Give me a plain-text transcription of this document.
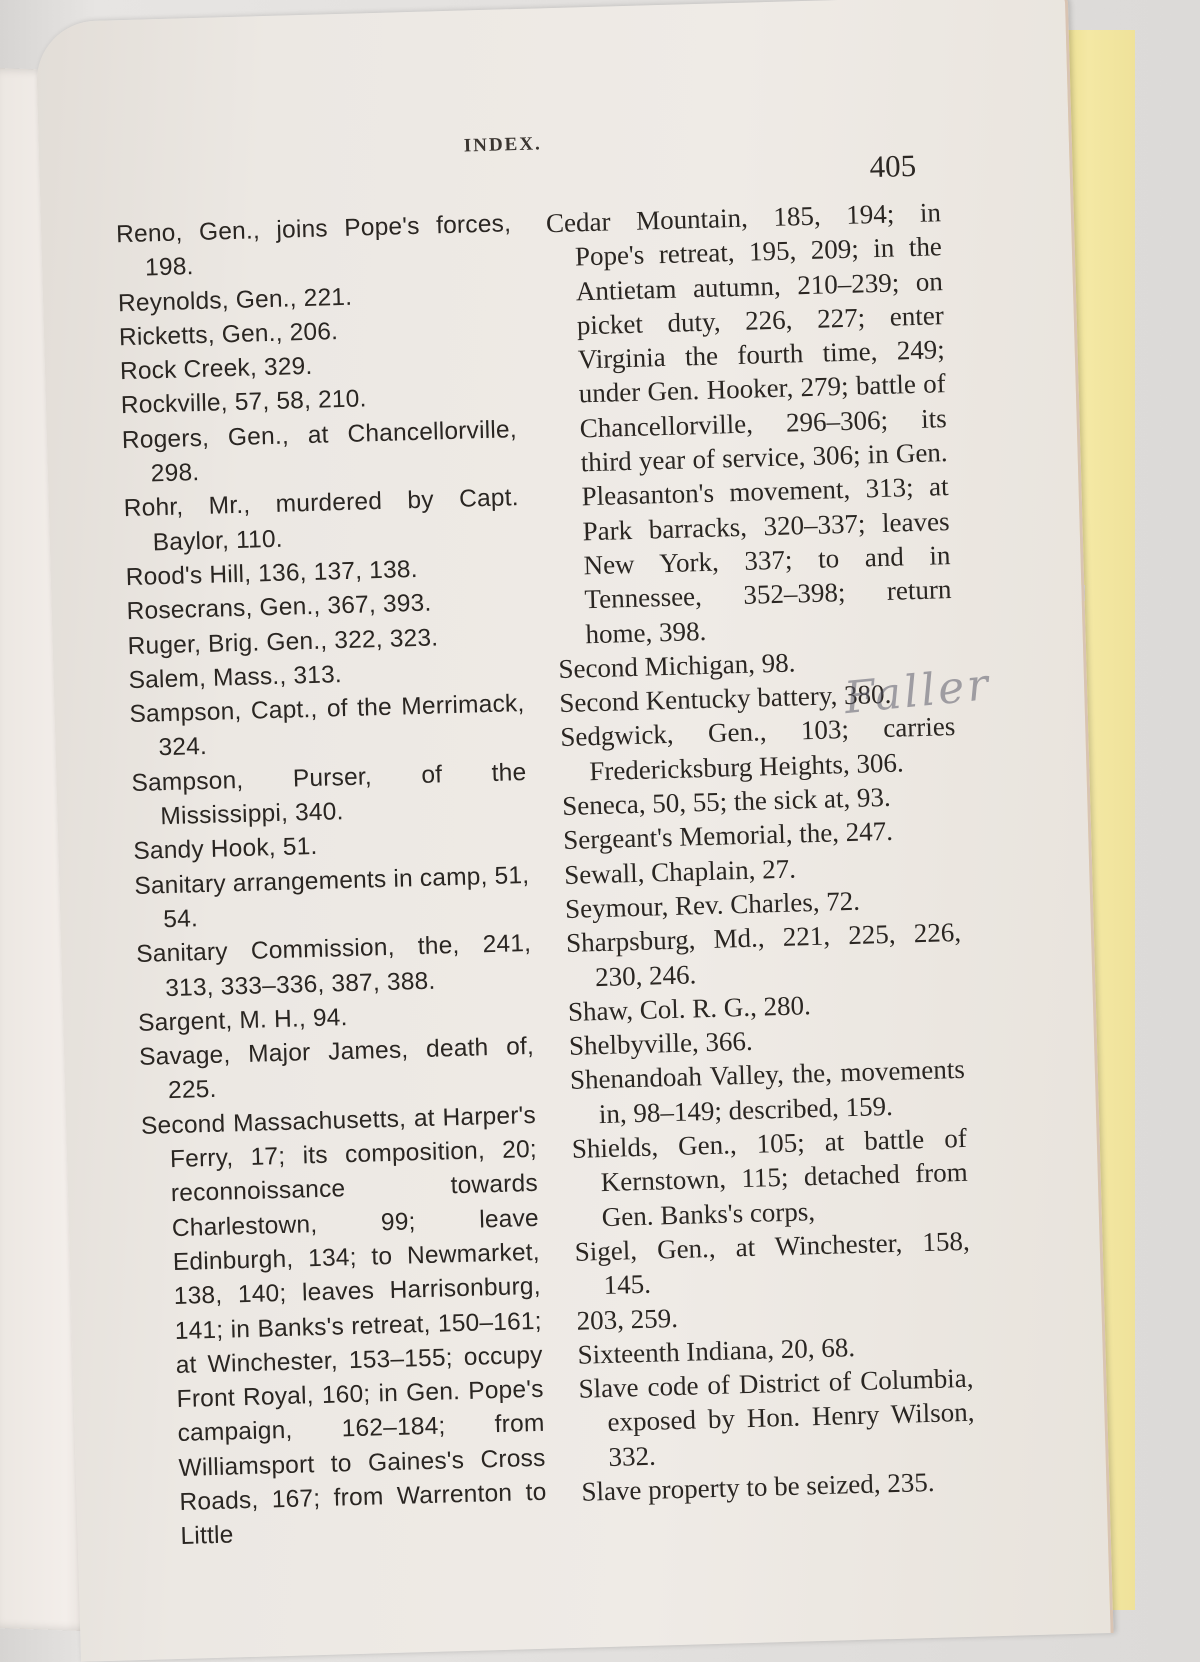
INDEX.
405

Reno, Gen., joins Pope's forces, 198.

Reynolds, Gen., 221.

Ricketts, Gen., 206.

Rock Creek, 329.

Rockville, 57, 58, 210.

Rogers, Gen., at Chancellorville, 298.

Rohr, Mr., murdered by Capt. Baylor, 110.

Rood's Hill, 136, 137, 138.

Rosecrans, Gen., 367, 393.

Ruger, Brig. Gen., 322, 323.

Salem, Mass., 313.

Sampson, Capt., of the Merrimack, 324.

Sampson, Purser, of the Mississippi, 340.

Sandy Hook, 51.

Sanitary arrangements in camp, 51, 54.

Sanitary Commission, the, 241, 313, 333–336, 387, 388.

Sargent, M. H., 94.

Savage, Major James, death of, 225.

Second Massachusetts, at Harper's Ferry, 17; its composition, 20; reconnoissance towards Charlestown, 99; leave Edinburgh, 134; to Newmarket, 138, 140; leaves Harrisonburg, 141; in Banks's retreat, 150–161; at Winchester, 153–155; occupy Front Royal, 160; in Gen. Pope's campaign, 162–184; from Williamsport to Gaines's Cross Roads, 167; from Warrenton to Little

Cedar Mountain, 185, 194; in Pope's retreat, 195, 209; in the Antietam autumn, 210–239; on picket duty, 226, 227; enter Virginia the fourth time, 249; under Gen. Hooker, 279; battle of Chancellorville, 296–306; its third year of service, 306; in Gen. Pleasanton's movement, 313; at Park barracks, 320–337; leaves New York, 337; to and in Tennessee, 352–398; return home, 398.

Second Michigan, 98.

Second Kentucky battery, 380.

Sedgwick, Gen., 103; carries Fredericksburg Heights, 306.

Seneca, 50, 55; the sick at, 93.

Sergeant's Memorial, the, 247.

Sewall, Chaplain, 27.

Seymour, Rev. Charles, 72.

Sharpsburg, Md., 221, 225, 226, 230, 246.

Shaw, Col. R. G., 280.

Shelbyville, 366.

Shenandoah Valley, the, movements in, 98–149; described, 159.

Shields, Gen., 105; at battle of Kernstown, 115; detached from Gen. Banks's corps,

Sigel, Gen., at Winchester, 158, 145.

203, 259.

Sixteenth Indiana, 20, 68.

Slave code of District of Columbia, exposed by Hon. Henry Wilson, 332.

Slave property to be seized, 235.

Faller
